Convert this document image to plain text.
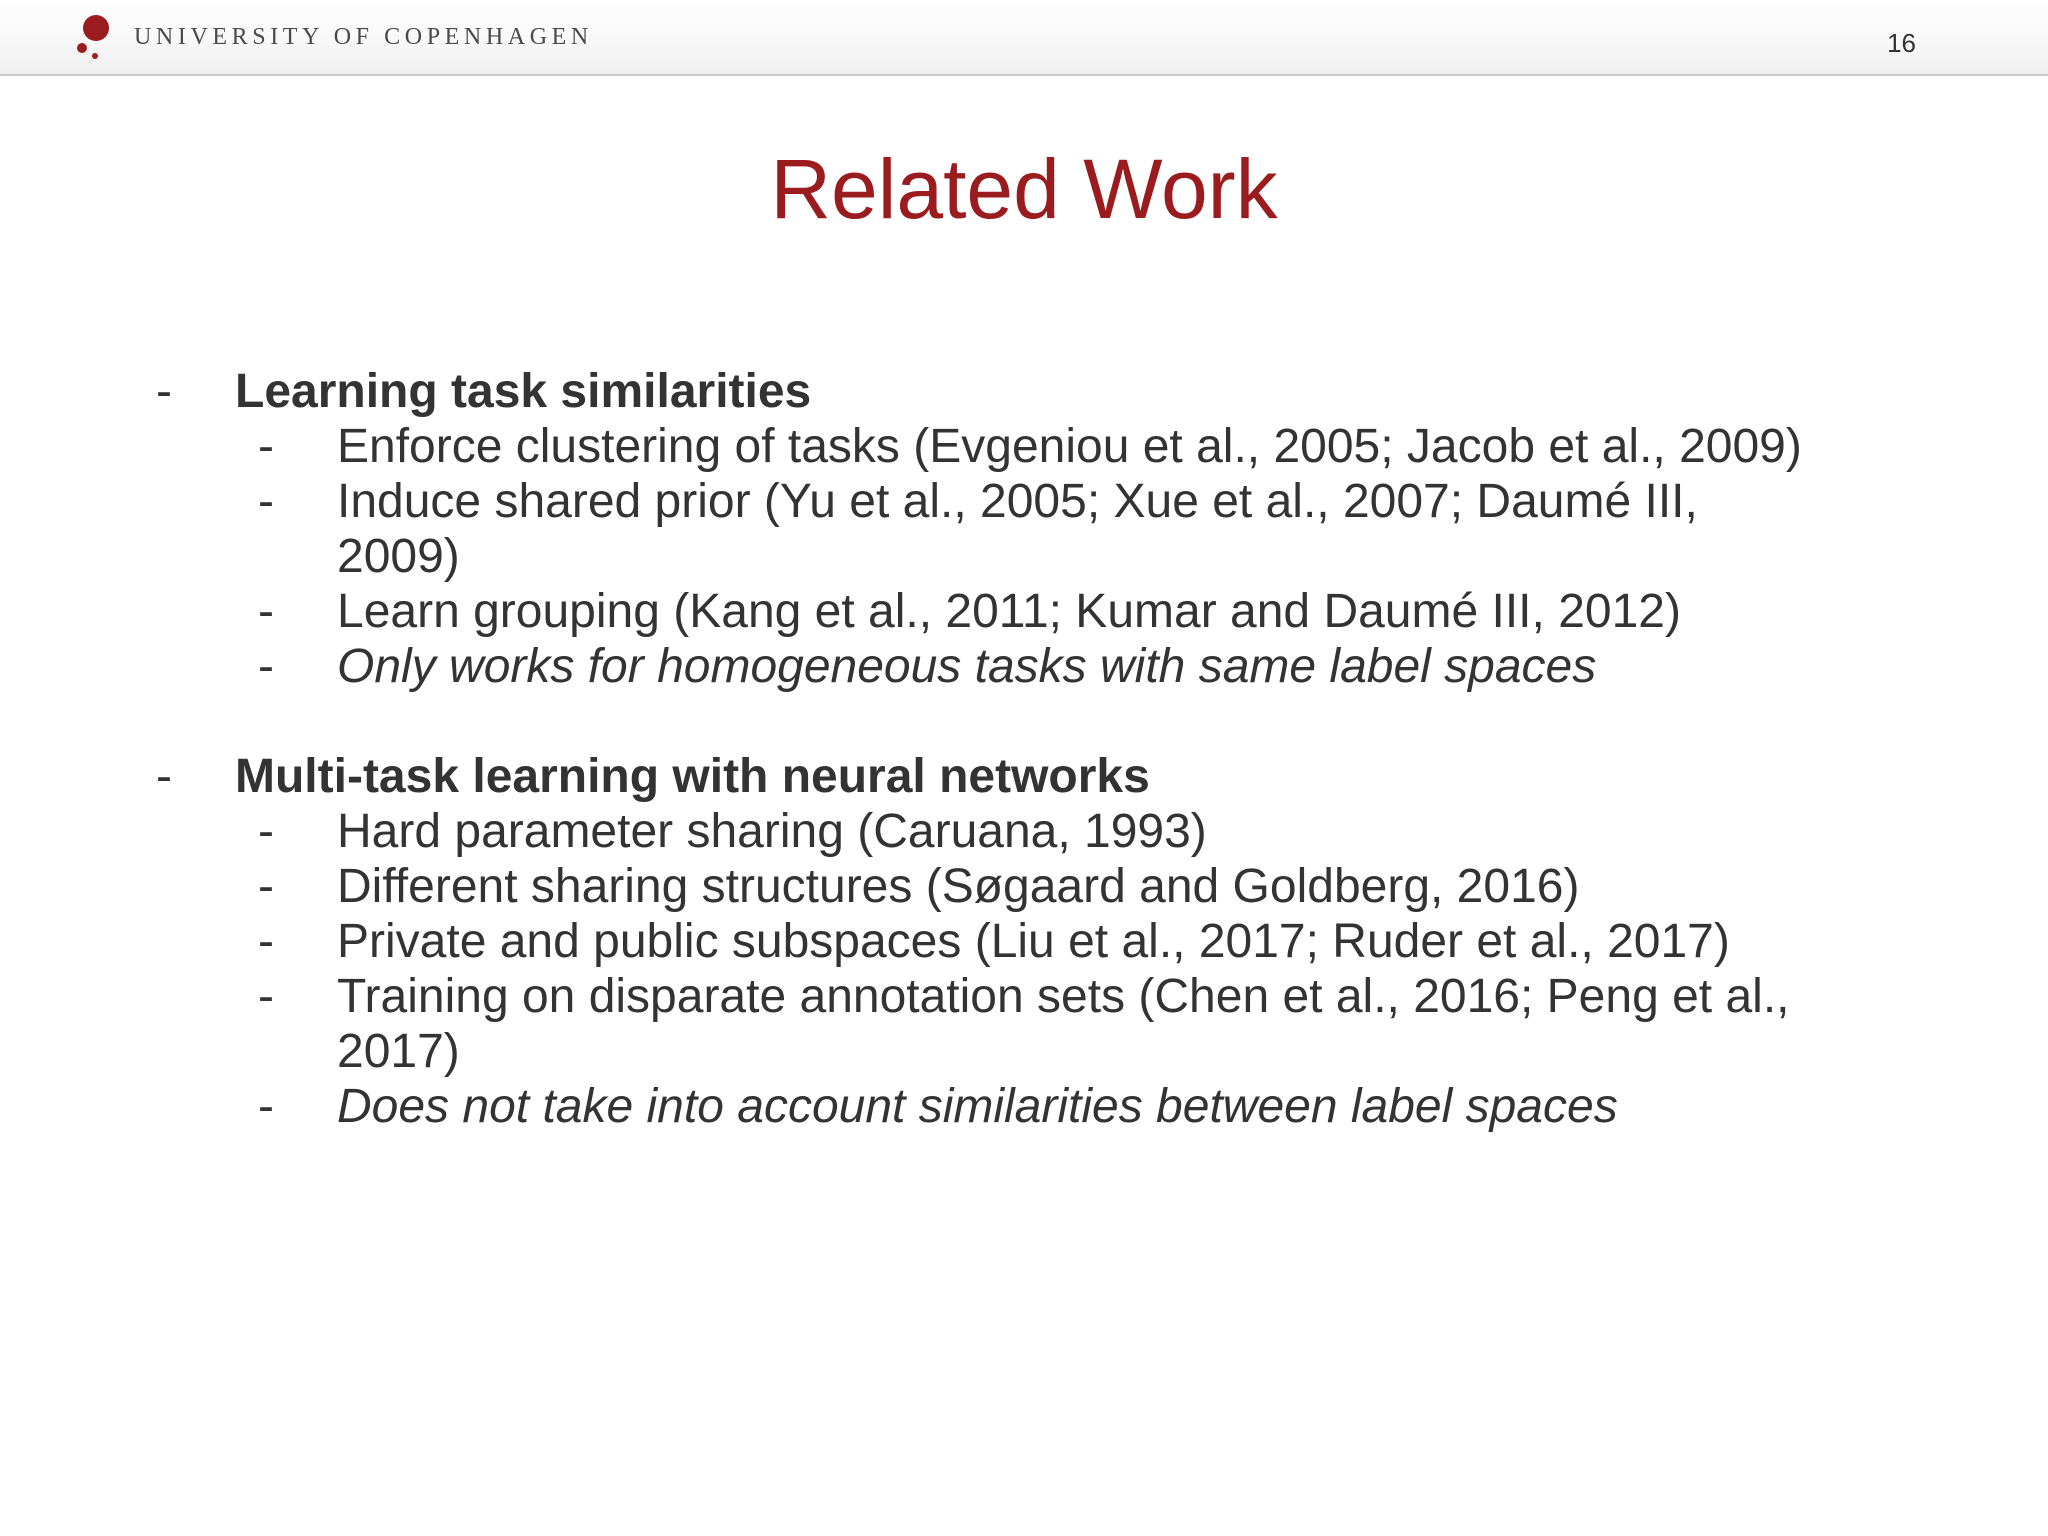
UNIVERSITY OF COPENHAGEN	16
Related Work
- Learning task similarities
- Enforce clustering of tasks (Evgeniou et al., 2005; Jacob et al., 2009)
- Induce shared prior (Yu et al., 2005; Xue et al., 2007; Daumé III,
2009)
- Learn grouping (Kang et al., 2011; Kumar and Daumé III, 2012)
- Only works for homogeneous tasks with same label spaces
- Multi-task learning with neural networks
- Hard parameter sharing (Caruana, 1993)
- Different sharing structures (Søgaard and Goldberg, 2016)
- Private and public subspaces (Liu et al., 2017; Ruder et al., 2017)
- Training on disparate annotation sets (Chen et al., 2016; Peng et al.,
2017)
- Does not take into account similarities between label spaces
